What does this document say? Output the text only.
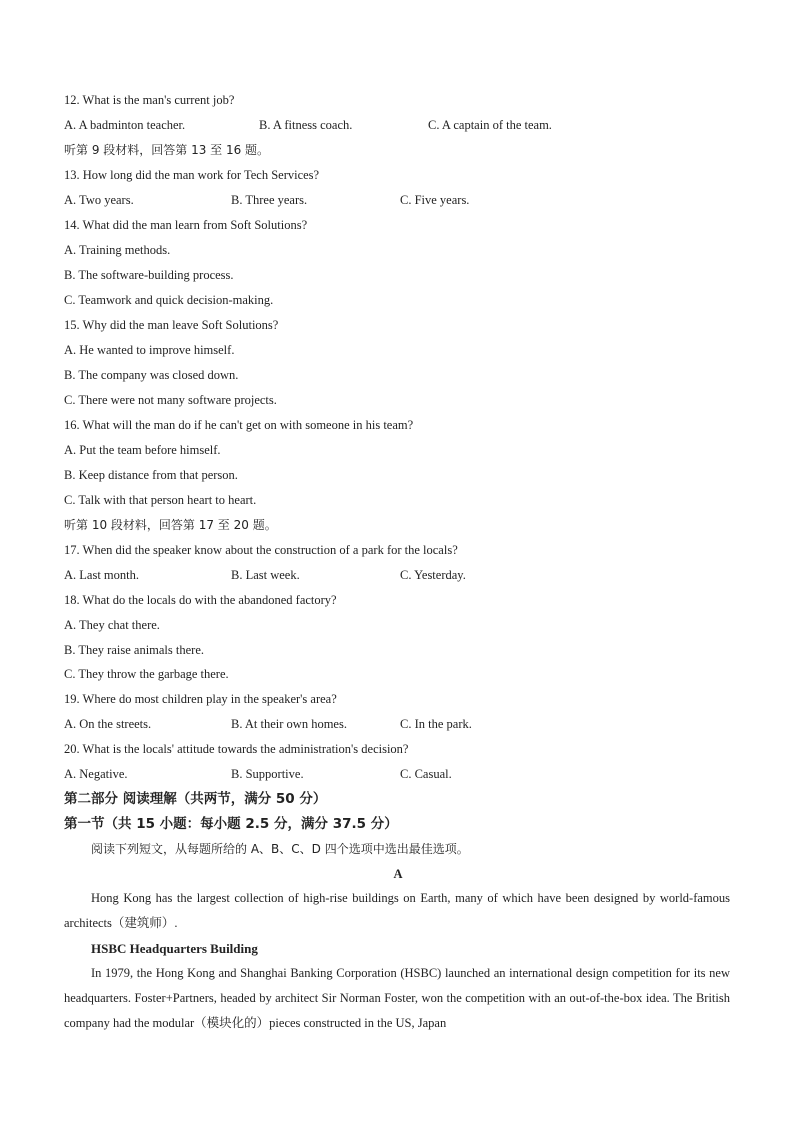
12. What is the man's current job?
A. A badminton teacher.	B. A fitness coach.	C. A captain of the team.
听第 9 段材料，回答第 13 至 16 题。
13. How long did the man work for Tech Services?
A. Two years.	B. Three years.	C. Five years.
14. What did the man learn from Soft Solutions?
A. Training methods.
B. The software-building process.
C. Teamwork and quick decision-making.
15. Why did the man leave Soft Solutions?
A. He wanted to improve himself.
B. The company was closed down.
C. There were not many software projects.
16. What will the man do if he can't get on with someone in his team?
A. Put the team before himself.
B. Keep distance from that person.
C. Talk with that person heart to heart.
听第 10 段材料，回答第 17 至 20 题。
17. When did the speaker know about the construction of a park for the locals?
A. Last month.	B. Last week.	C. Yesterday.
18. What do the locals do with the abandoned factory?
A. They chat there.
B. They raise animals there.
C. They throw the garbage there.
19. Where do most children play in the speaker's area?
A. On the streets.	B. At their own homes.	C. In the park.
20. What is the locals' attitude towards the administration's decision?
A. Negative.	B. Supportive.	C. Casual.
第二部分 阅读理解（共两节，满分 50 分）
第一节（共 15 小题：每小题 2.5 分，满分 37.5 分）
阅读下列短文，从每题所给的 A、B、C、D 四个选项中选出最佳选项。
A
Hong Kong has the largest collection of high-rise buildings on Earth, many of which have been designed by world-famous architects（建筑师）.
HSBC Headquarters Building
In 1979, the Hong Kong and Shanghai Banking Corporation (HSBC) launched an international design competition for its new headquarters. Foster+Partners, headed by architect Sir Norman Foster, won the competition with an out-of-the-box idea. The British company had the modular（模块化的）pieces constructed in the US, Japan
